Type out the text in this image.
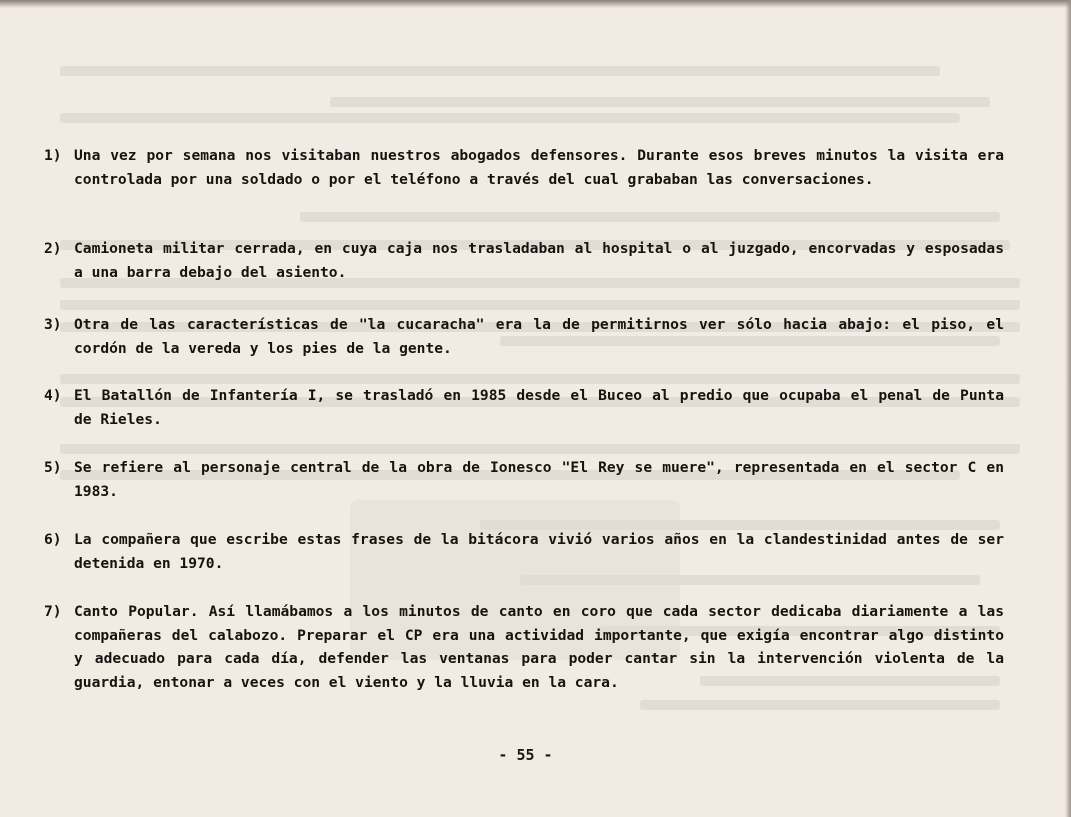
1) Una vez por semana nos visitaban nuestros abogados defensores. Durante esos breves minutos la visita era controlada por una soldado o por el teléfono a través del cual grababan las conversaciones.

2) Camioneta militar cerrada, en cuya caja nos trasladaban al hospital o al juzgado, encorvadas y esposadas a una barra debajo del asiento.

3) Otra de las características de "la cucaracha" era la de permitirnos ver sólo hacia abajo: el piso, el cordón de la vereda y los pies de la gente.

4) El Batallón de Infantería I, se trasladó en 1985 desde el Buceo al predio que ocupaba el penal de Punta de Rieles.

5) Se refiere al personaje central de la obra de Ionesco "El Rey se muere", representada en el sector C en 1983.

6) La compañera que escribe estas frases de la bitácora vivió varios años en la clandestinidad antes de ser detenida en 1970.

7) Canto Popular. Así llamábamos a los minutos de canto en coro que cada sector dedicaba diariamente a las compañeras del calabozo. Preparar el CP era una actividad importante, que exigía encontrar algo distinto y adecuado para cada día, defender las ventanas para poder cantar sin la intervención violenta de la guardia, entonar a veces con el viento y la lluvia en la cara.

- 55 -
